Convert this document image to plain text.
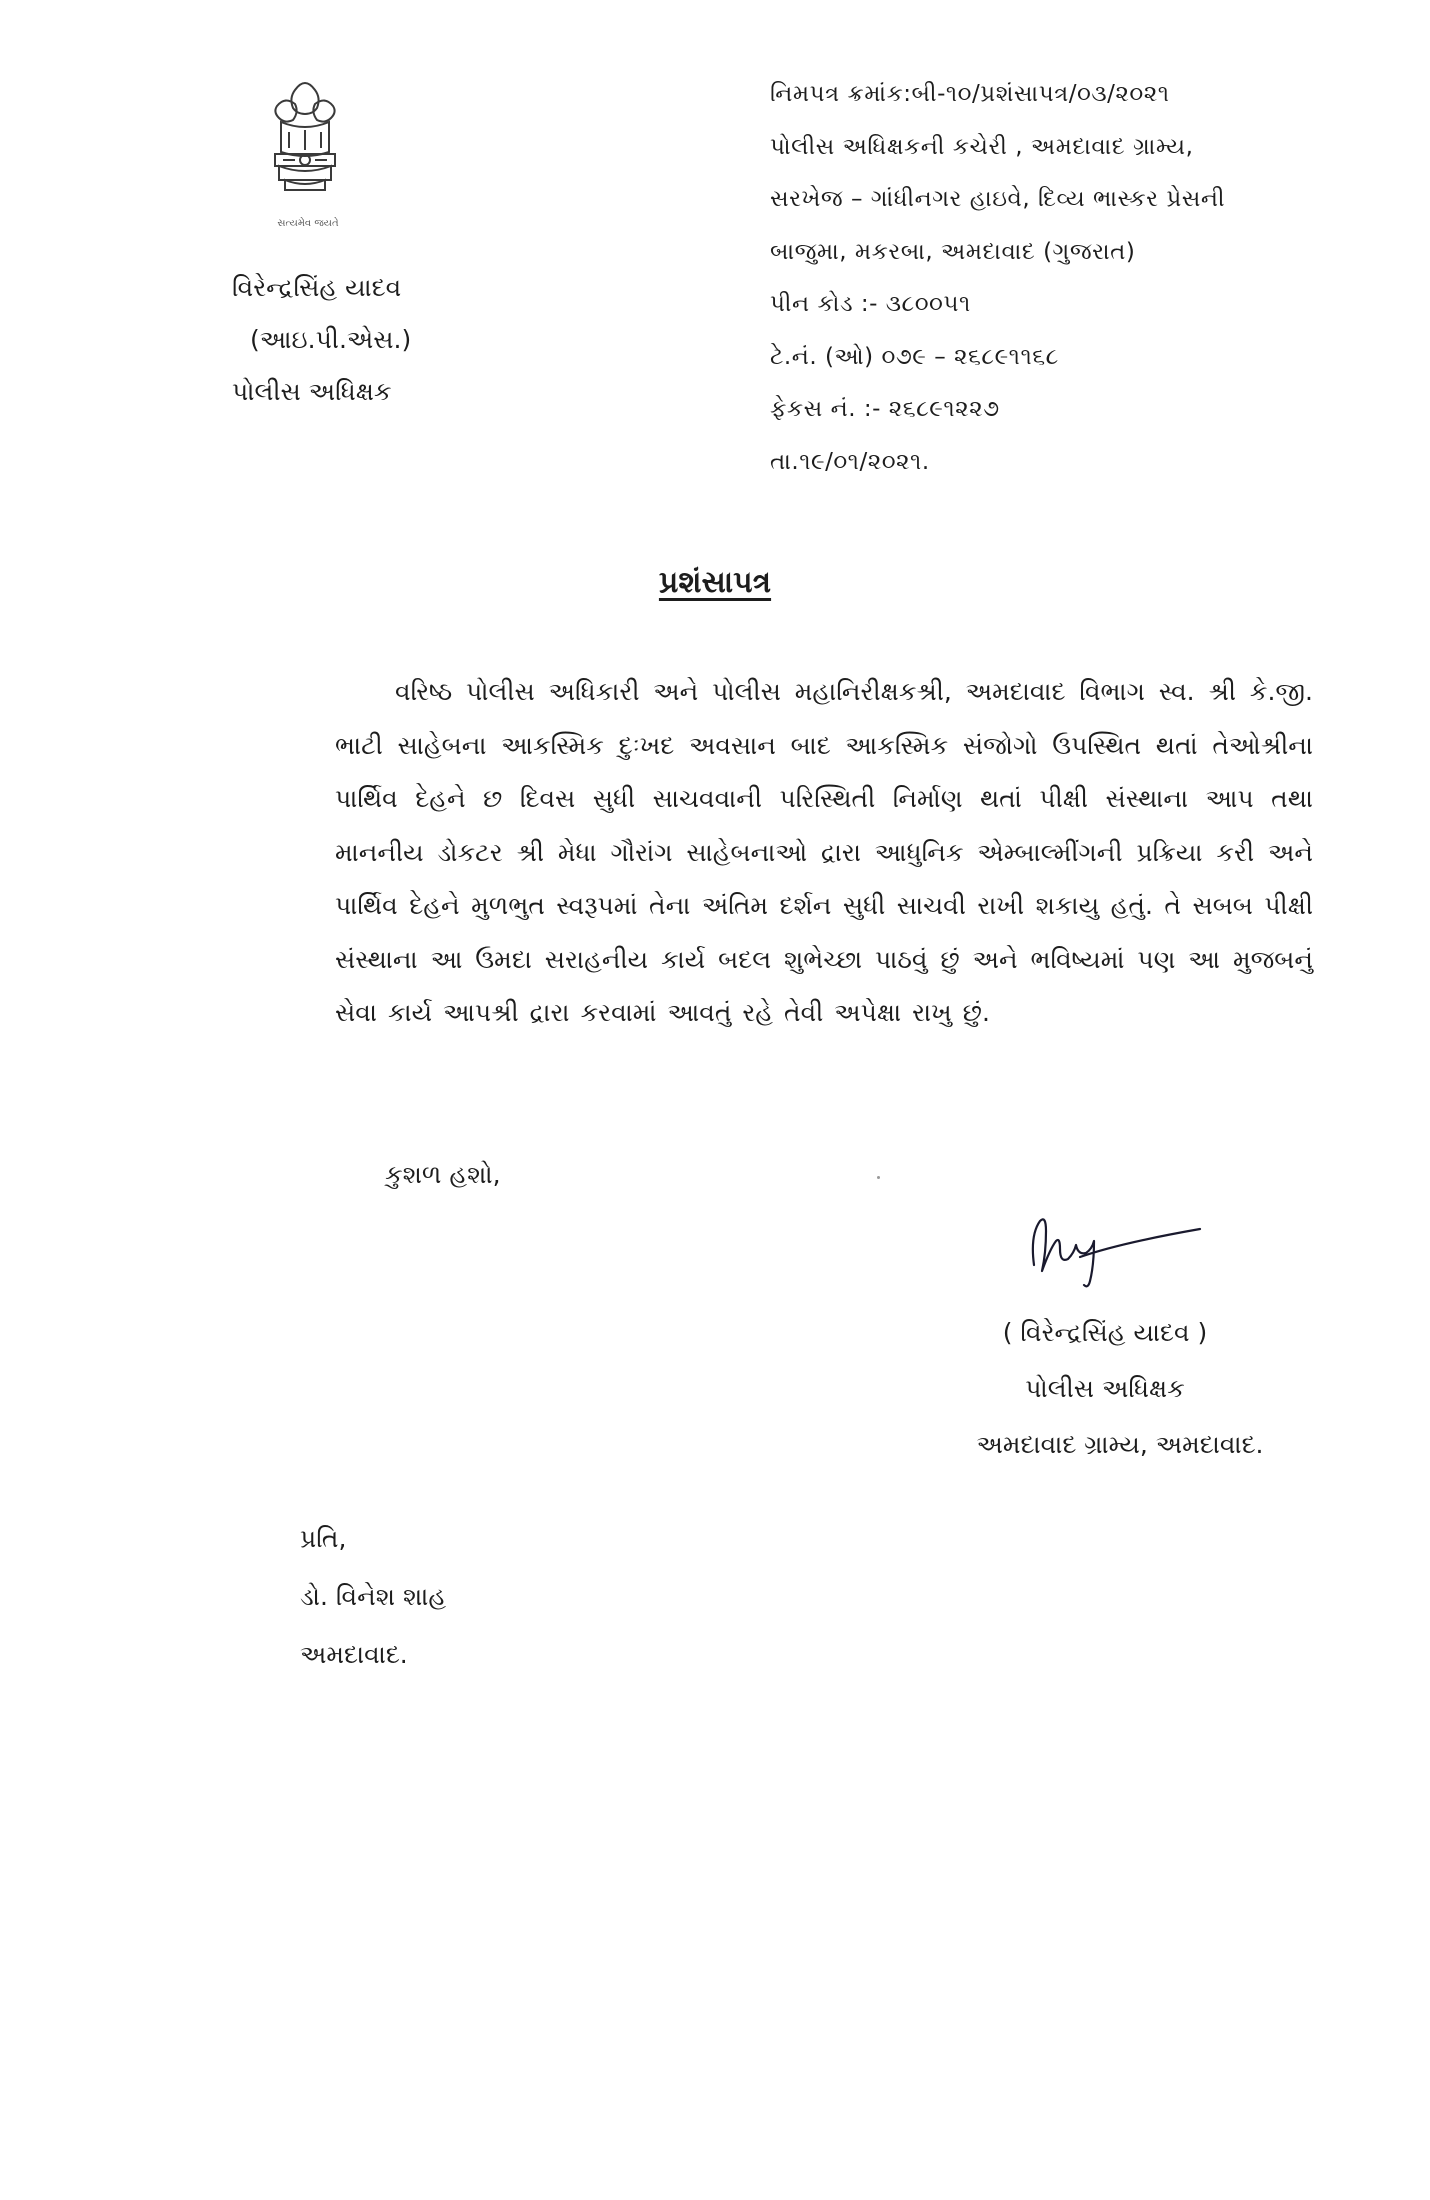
સત્યમેવ જયતે
વિરેન્દ્રસિંહ યાદવ
(આઇ.પી.એસ.)
પોલીસ અધિક્ષક
નિમપત્ર ક્રમાંક:બી-૧૦/પ્રશંસાપત્ર/૦૩/૨૦૨૧
પોલીસ અધિક્ષકની કચેરી , અમદાવાદ ગ્રામ્ય,
સરખેજ – ગાંધીનગર હાઇવે, દિવ્ય ભાસ્કર પ્રેસની
બાજુમા, મકરબા, અમદાવાદ (ગુજરાત)
પીન કોડ :- ૩૮૦૦૫૧
ટે.નં. (ઓ) ૦૭૯ – ૨૬૮૯૧૧૬૮
ફેકસ નં. :- ૨૬૮૯૧૨૨૭
તા.૧૯/૦૧/૨૦૨૧.
પ્રશંસાપત્ર
વરિષ્ઠ પોલીસ અધિકારી અને પોલીસ મહાનિરીક્ષકશ્રી, અમદાવાદ વિભાગ સ્વ. શ્રી કે.જી. ભાટી સાહેબના આકસ્મિક દુઃખદ અવસાન બાદ આકસ્મિક સંજોગો ઉપસ્થિત થતાં તેઓશ્રીના પાર્થિવ દેહને છ દિવસ સુધી સાચવવાની પરિસ્થિતી નિર્માણ થતાં પીક્ષી સંસ્થાના આપ તથા માનનીય ડોકટર શ્રી મેધા ગૌરાંગ સાહેબનાઓ દ્રારા આધુનિક એમ્બાલ્મીંગની પ્રક્રિયા કરી અને પાર્થિવ દેહને મુળભુત સ્વરૂપમાં તેના અંતિમ દર્શન સુધી સાચવી રાખી શકાયુ હતું. તે સબબ પીક્ષી સંસ્થાના આ ઉમદા સરાહનીય કાર્ય બદલ શુભેચ્છા પાઠવું છું અને ભવિષ્યમાં પણ આ મુજબનું સેવા કાર્ય આપશ્રી દ્રારા કરવામાં આવતું રહે તેવી અપેક્ષા રાખુ છું.
કુશળ હશો,
( વિરેન્દ્રસિંહ યાદવ )
પોલીસ અધિક્ષક
અમદાવાદ ગ્રામ્ય, અમદાવાદ.
પ્રતિ,
ડો. વિનેશ શાહ
અમદાવાદ.
